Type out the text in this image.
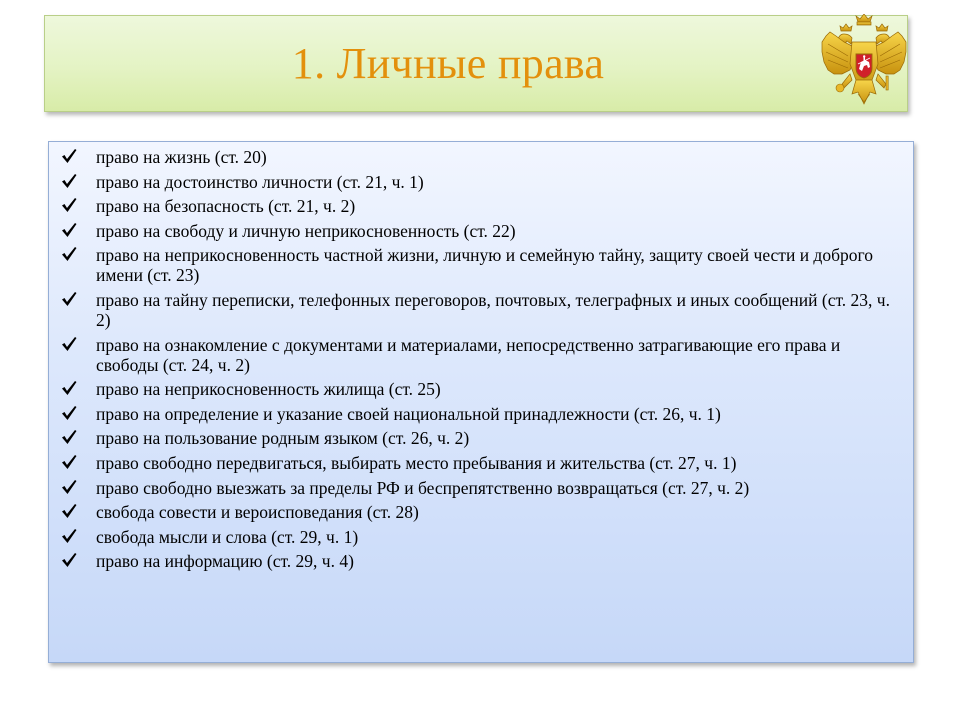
1. Личные права
право на жизнь (ст. 20)
право на достоинство личности (ст. 21, ч. 1)
право на безопасность (ст. 21, ч. 2)
право на свободу и личную неприкосновенность (ст. 22)
право на неприкосновенность частной жизни, личную и семейную тайну, защиту своей чести и доброго имени (ст. 23)
право на тайну переписки, телефонных переговоров, почтовых, телеграфных и иных сообщений (ст. 23, ч. 2)
право на ознакомление с документами и материалами, непосредственно затрагивающие его права и свободы (ст. 24, ч. 2)
право на неприкосновенность жилища (ст. 25)
право на определение и указание своей национальной принадлежности (ст. 26, ч. 1)
право на пользование родным языком (ст. 26, ч. 2)
право свободно передвигаться, выбирать место пребывания и жительства (ст. 27, ч. 1)
право свободно выезжать за пределы РФ и беспрепятственно возвращаться (ст. 27, ч. 2)
свобода совести и вероисповедания (ст. 28)
свобода мысли и слова (ст. 29, ч. 1)
право на информацию (ст. 29, ч. 4)
